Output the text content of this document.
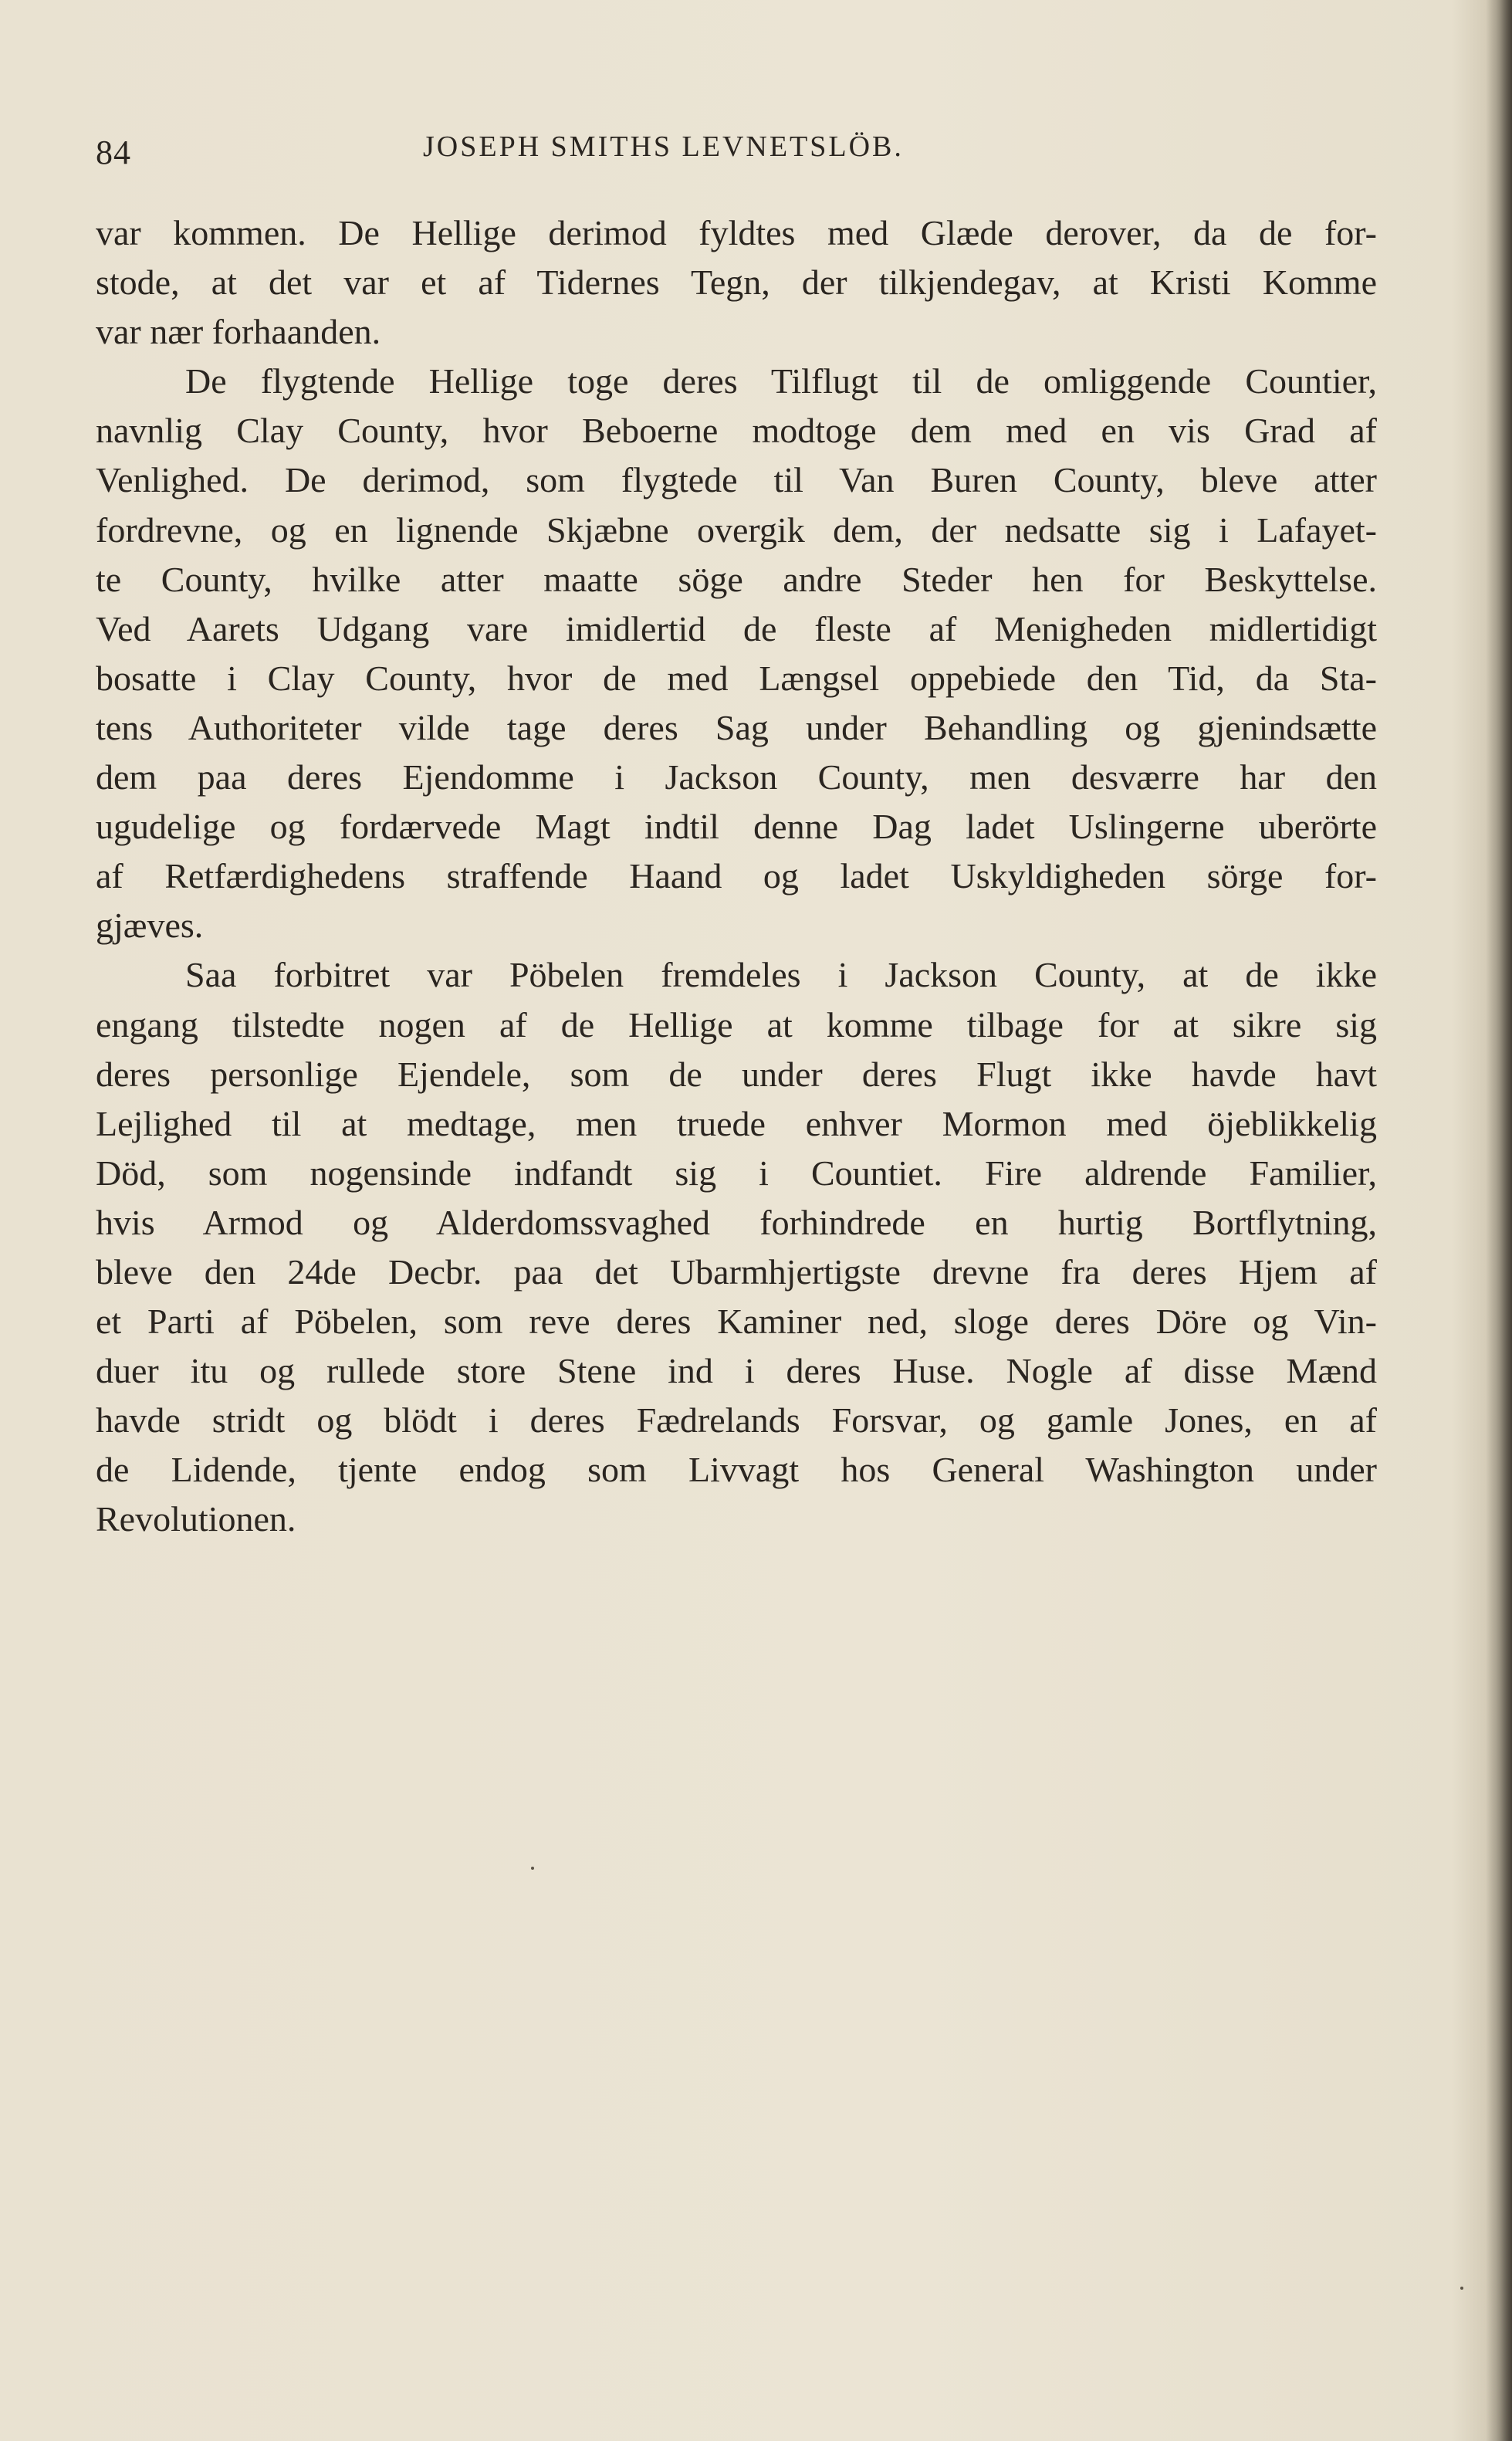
84	JOSEPH SMITHS LEVNETSLÖB.
var kommen. De Hellige derimod fyldtes med Glæde derover, da de for-
stode, at det var et af Tidernes Tegn, der tilkjendegav, at Kristi Komme
var nær forhaanden.
De flygtende Hellige toge deres Tilflugt til de omliggende Countier,
navnlig Clay County, hvor Beboerne modtoge dem med en vis Grad af
Venlighed. De derimod, som flygtede til Van Buren County, bleve atter
fordrevne, og en lignende Skjæbne overgik dem, der nedsatte sig i Lafayet-
te County, hvilke atter maatte söge andre Steder hen for Beskyttelse.
Ved Aarets Udgang vare imidlertid de fleste af Menigheden midlertidigt
bosatte i Clay County, hvor de med Længsel oppebiede den Tid, da Sta-
tens Authoriteter vilde tage deres Sag under Behandling og gjenindsætte
dem paa deres Ejendomme i Jackson County, men desværre har den
ugudelige og fordærvede Magt indtil denne Dag ladet Uslingerne uberörte
af Retfærdighedens straffende Haand og ladet Uskyldigheden sörge for-
gjæves.
Saa forbitret var Pöbelen fremdeles i Jackson County, at de ikke
engang tilstedte nogen af de Hellige at komme tilbage for at sikre sig
deres personlige Ejendele, som de under deres Flugt ikke havde havt
Lejlighed til at medtage, men truede enhver Mormon med öjeblikkelig
Död, som nogensinde indfandt sig i Countiet. Fire aldrende Familier,
hvis Armod og Alderdomssvaghed forhindrede en hurtig Bortflytning,
bleve den 24de Decbr. paa det Ubarmhjertigste drevne fra deres Hjem af
et Parti af Pöbelen, som reve deres Kaminer ned, sloge deres Döre og Vin-
duer itu og rullede store Stene ind i deres Huse. Nogle af disse Mænd
havde stridt og blödt i deres Fædrelands Forsvar, og gamle Jones, en af
de Lidende, tjente endog som Livvagt hos General Washington under
Revolutionen.
